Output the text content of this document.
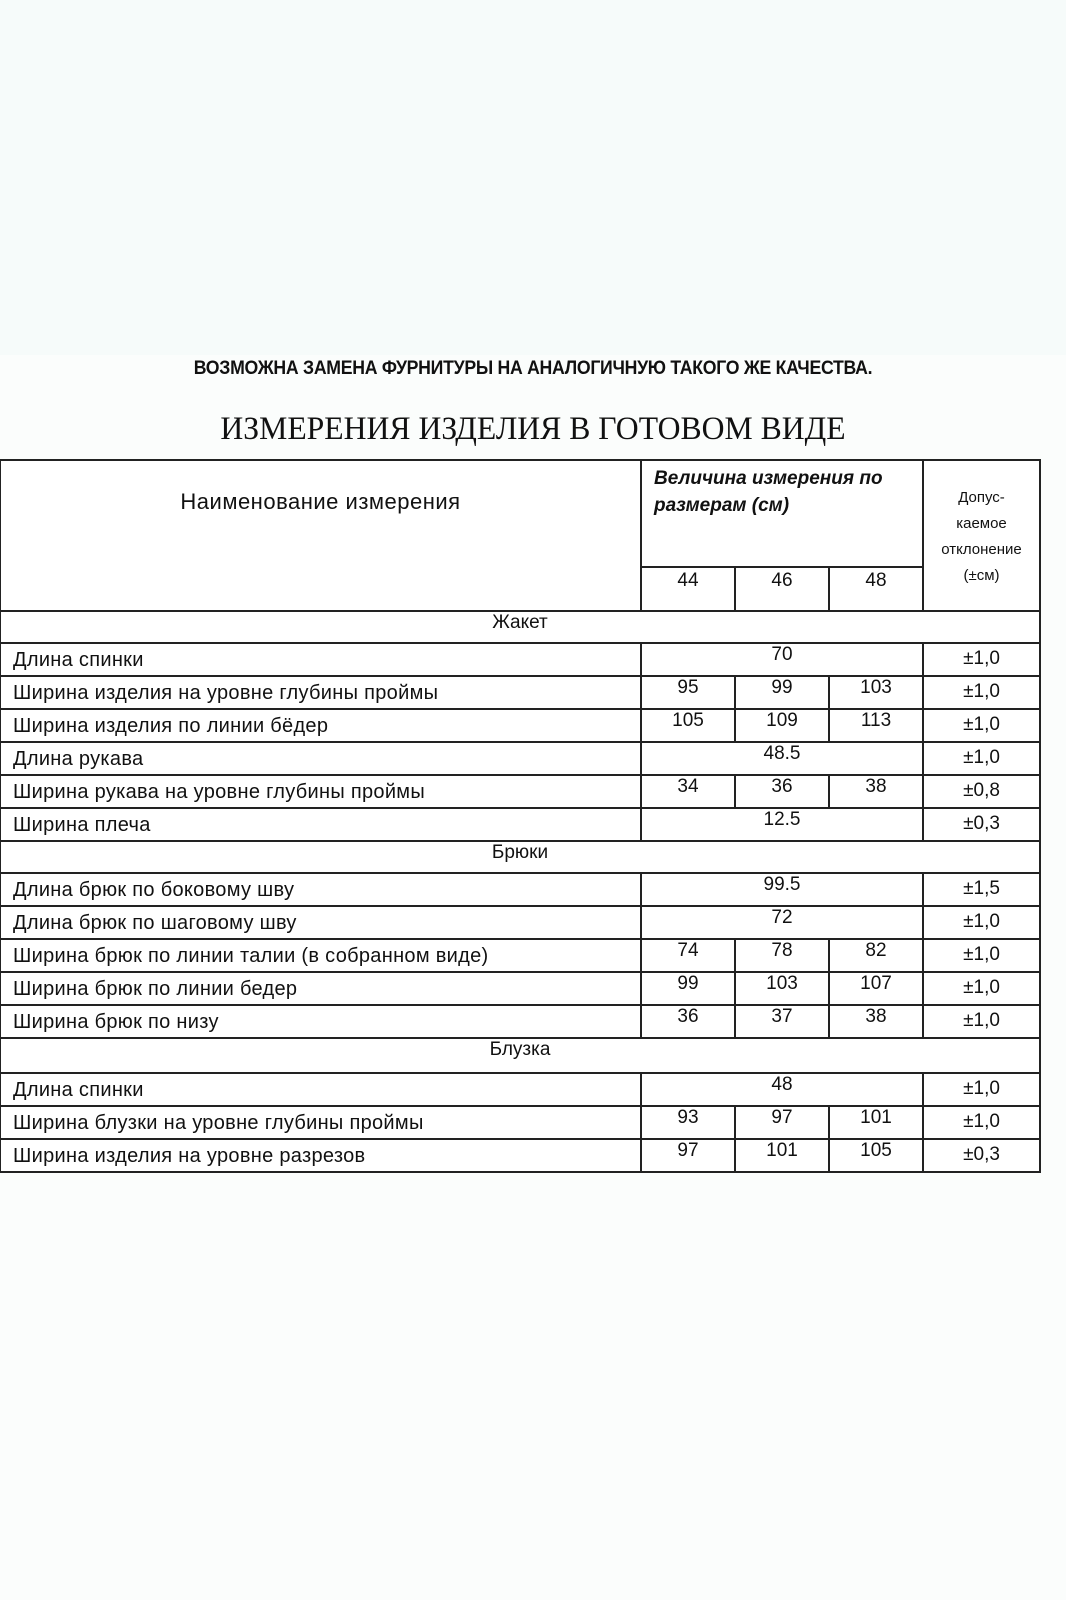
ВОЗМОЖНА ЗАМЕНА ФУРНИТУРЫ НА АНАЛОГИЧНУЮ ТАКОГО ЖЕ КАЧЕСТВА.
ИЗМЕРЕНИЯ ИЗДЕЛИЯ В ГОТОВОМ ВИДЕ
Наименование измерения	Величина измерения по размерам (см)			Допус-
каемое
отклонение
(±см)

	44	46	48	
Жакет				
Длина спинки	70			±1,0
Ширина изделия на уровне глубины проймы	95	99	103	±1,0
Ширина изделия по линии бёдер	105	109	113	±1,0
Длина рукава	48.5			±1,0
Ширина рукава на уровне глубины проймы	34	36	38	±0,8
Ширина плеча	12.5			±0,3
Брюки				
Длина брюк по боковому шву	99.5			±1,5
Длина брюк по шаговому шву	72			±1,0
Ширина брюк по линии талии (в собранном виде)	74	78	82	±1,0
Ширина брюк по линии бедер	99	103	107	±1,0
Ширина брюк по низу	36	37	38	±1,0
Блузка				
Длина спинки	48			±1,0
Ширина блузки на уровне глубины проймы	93	97	101	±1,0
Ширина изделия на уровне разрезов	97	101	105	±0,3
